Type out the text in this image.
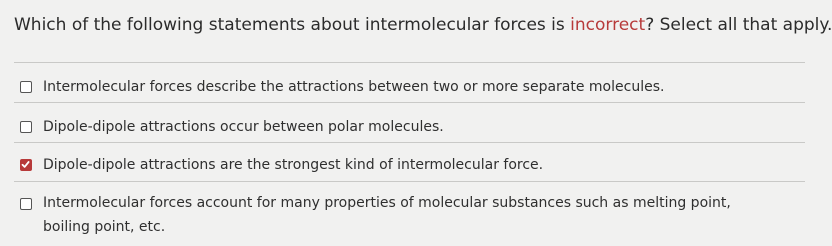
Which of the following statements about intermolecular forces is incorrect? Select all that apply.
Intermolecular forces describe the attractions between two or more separate molecules.
Dipole-dipole attractions occur between polar molecules.
Dipole-dipole attractions are the strongest kind of intermolecular force.
Intermolecular forces account for many properties of molecular substances such as melting point, boiling point, etc.
